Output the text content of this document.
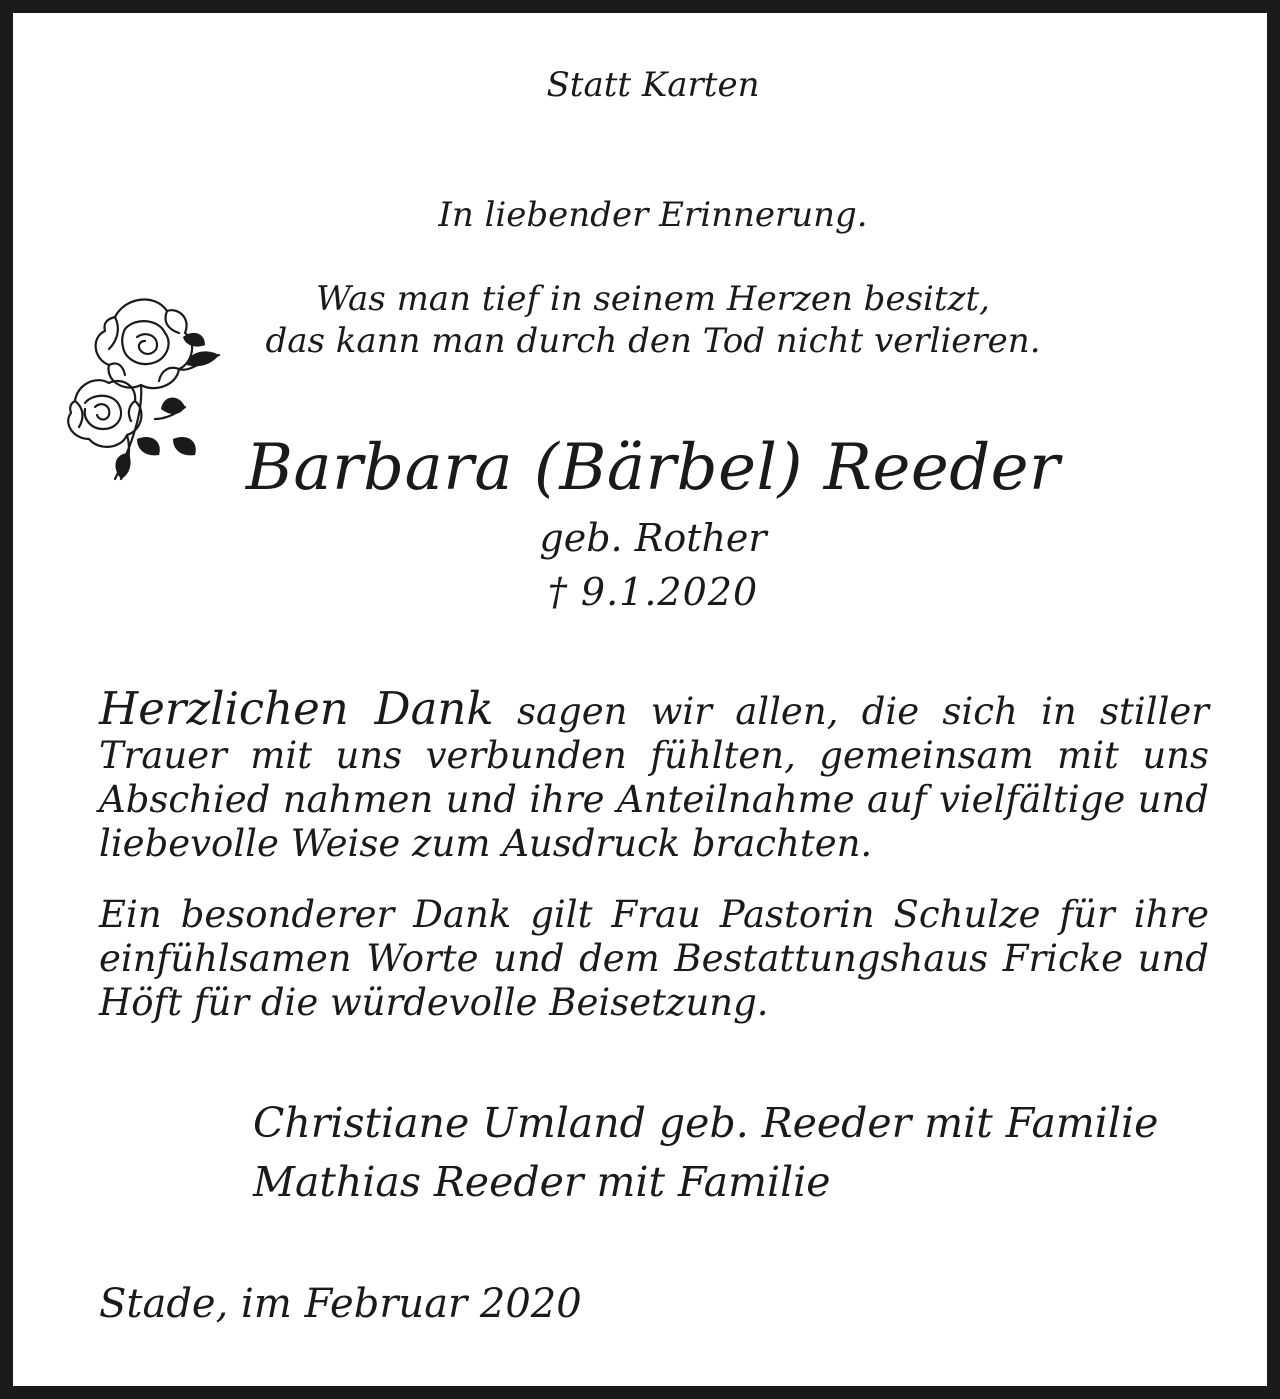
Statt Karten
In liebender Erinnerung.
Was man tief in seinem Herzen besitzt,
das kann man durch den Tod nicht verlieren.
Barbara (Bärbel) Reeder
geb. Rother
† 9.1.2020

Herzlichen Dank sagen wir allen, die sich in stiller Trauer mit uns verbunden fühlten, gemeinsam mit uns Abschied nahmen und ihre Anteilnahme auf vielfältige und liebevolle Weise zum Ausdruck brachten.

Ein besonderer Dank gilt Frau Pastorin Schulze für ihre einfühlsamen Worte und dem Bestattungshaus Fricke und Höft für die würdevolle Beisetzung.

Christiane Umland geb. Reeder mit Familie
Mathias Reeder mit Familie
Stade, im Februar 2020
